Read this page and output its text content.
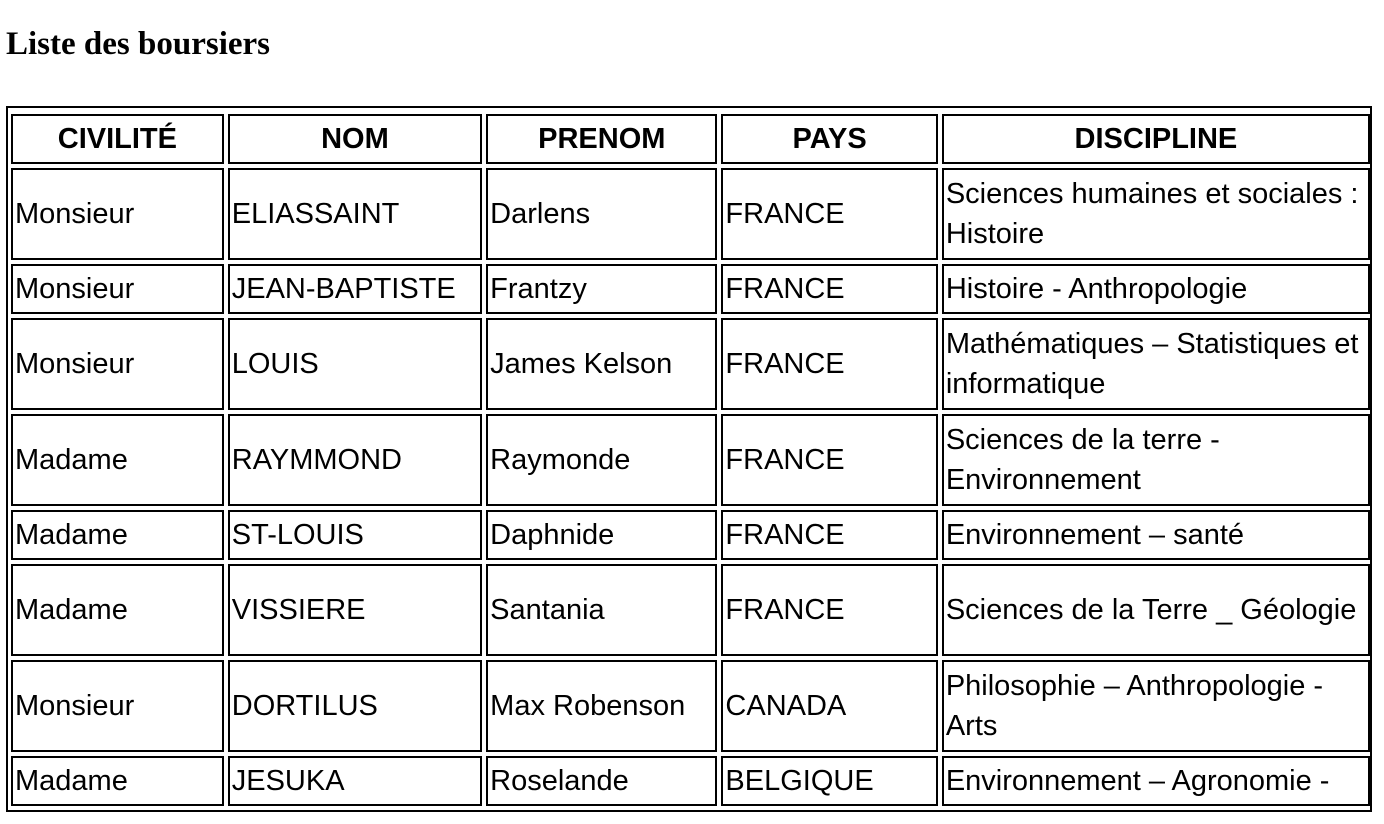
Liste des boursiers
CIVILITÉ	NOM	PRENOM	PAYS	DISCIPLINE
Monsieur	ELIASSAINT	Darlens	FRANCE	Sciences humaines et sociales : Histoire
Monsieur	JEAN-BAPTISTE	Frantzy	FRANCE	Histoire - Anthropologie
Monsieur	LOUIS	James Kelson	FRANCE	Mathématiques – Statistiques et informatique
Madame	RAYMMOND	Raymonde	FRANCE	Sciences de la terre - Environnement
Madame	ST-LOUIS	Daphnide	FRANCE	Environnement – santé
Madame	VISSIERE	Santania	FRANCE	Sciences de la Terre _ Géologie
Monsieur	DORTILUS	Max Robenson	CANADA	Philosophie – Anthropologie - Arts
Madame	JESUKA	Roselande	BELGIQUE	Environnement – Agronomie -
